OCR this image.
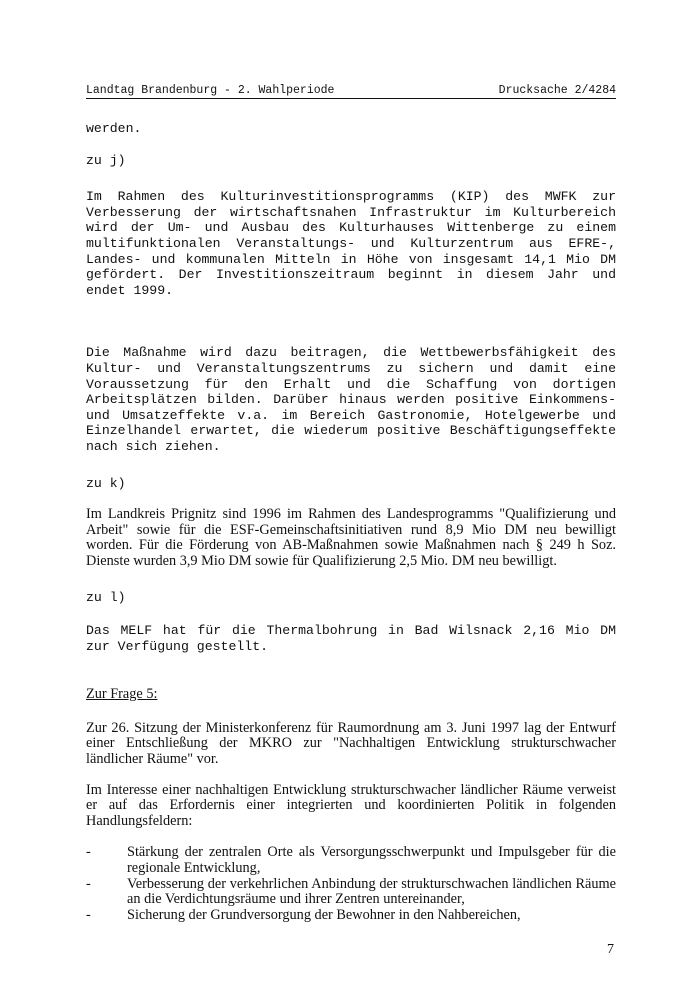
Landtag Brandenburg - 2. Wahlperiode	Drucksache 2/4284

werden.

zu j)

Im Rahmen des Kulturinvestitionsprogramms (KIP) des MWFK zur Verbesserung der wirtschaftsnahen Infrastruktur im Kulturbereich wird der Um- und Ausbau des Kulturhauses Wittenberge zu einem multifunktionalen Veranstaltungs- und Kulturzentrum aus EFRE-, Landes- und kommunalen Mitteln in Höhe von insgesamt 14,1 Mio DM gefördert. Der Investitionszeitraum beginnt in diesem Jahr und endet 1999.

Die Maßnahme wird dazu beitragen, die Wettbewerbsfähigkeit des Kultur- und Veranstaltungszentrums zu sichern und damit eine Voraussetzung für den Erhalt und die Schaffung von dortigen Arbeitsplätzen bilden. Darüber hinaus werden positive Einkommens- und Umsatzeffekte v.a. im Bereich Gastronomie, Hotelgewerbe und Einzelhandel erwartet, die wiederum positive Beschäftigungseffekte nach sich ziehen.

zu k)

Im Landkreis Prignitz sind 1996 im Rahmen des Landesprogramms "Qualifizierung und Arbeit" sowie für die ESF-Gemeinschaftsinitiativen rund 8,9 Mio DM neu bewilligt worden. Für die Förderung von AB-Maßnahmen sowie Maßnahmen nach § 249 h Soz. Dienste wurden 3,9 Mio DM sowie für Qualifizierung 2,5 Mio. DM neu bewilligt.

zu l)

Das MELF hat für die Thermalbohrung in Bad Wilsnack 2,16 Mio DM zur Verfügung gestellt.

Zur Frage 5:

Zur 26. Sitzung der Ministerkonferenz für Raumordnung am 3. Juni 1997 lag der Entwurf einer Entschließung der MKRO zur "Nachhaltigen Entwicklung strukturschwacher ländlicher Räume" vor.

Im Interesse einer nachhaltigen Entwicklung strukturschwacher ländlicher Räume verweist er auf das Erfordernis einer integrierten und koordinierten Politik in folgenden Handlungsfeldern:

-	Stärkung der zentralen Orte als Versorgungsschwerpunkt und Impulsgeber für die regionale Entwicklung,
-	Verbesserung der verkehrlichen Anbindung der strukturschwachen ländlichen Räume an die Verdichtungsräume und ihrer Zentren untereinander,
-	Sicherung der Grundversorgung der Bewohner in den Nahbereichen,
7
